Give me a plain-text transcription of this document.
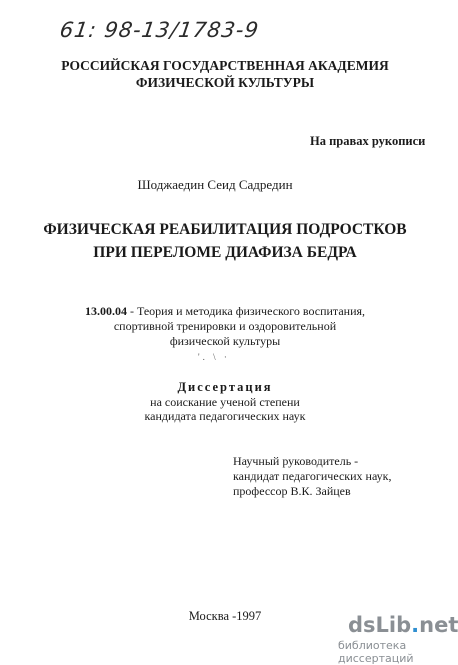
61: 98-13/1783-9
РОССИЙСКАЯ ГОСУДАРСТВЕННАЯ АКАДЕМИЯ
ФИЗИЧЕСКОЙ КУЛЬТУРЫ
На правах рукописи
Шоджаедин Сеид Садредин
ФИЗИЧЕСКАЯ РЕАБИЛИТАЦИЯ ПОДРОСТКОВ
ПРИ ПЕРЕЛОМЕ ДИАФИЗА БЕДРА
13.00.04 - Теория и методика физического воспитания,
спортивной тренировки и оздоровительной
физической культуры
'. \ ·
Диссертация
на соискание ученой степени
кандидата педагогических наук
Научный руководитель -
кандидат педагогических наук,
профессор В.К. Зайцев
Москва -1997	dsLib.net
библиотека диссертаций
